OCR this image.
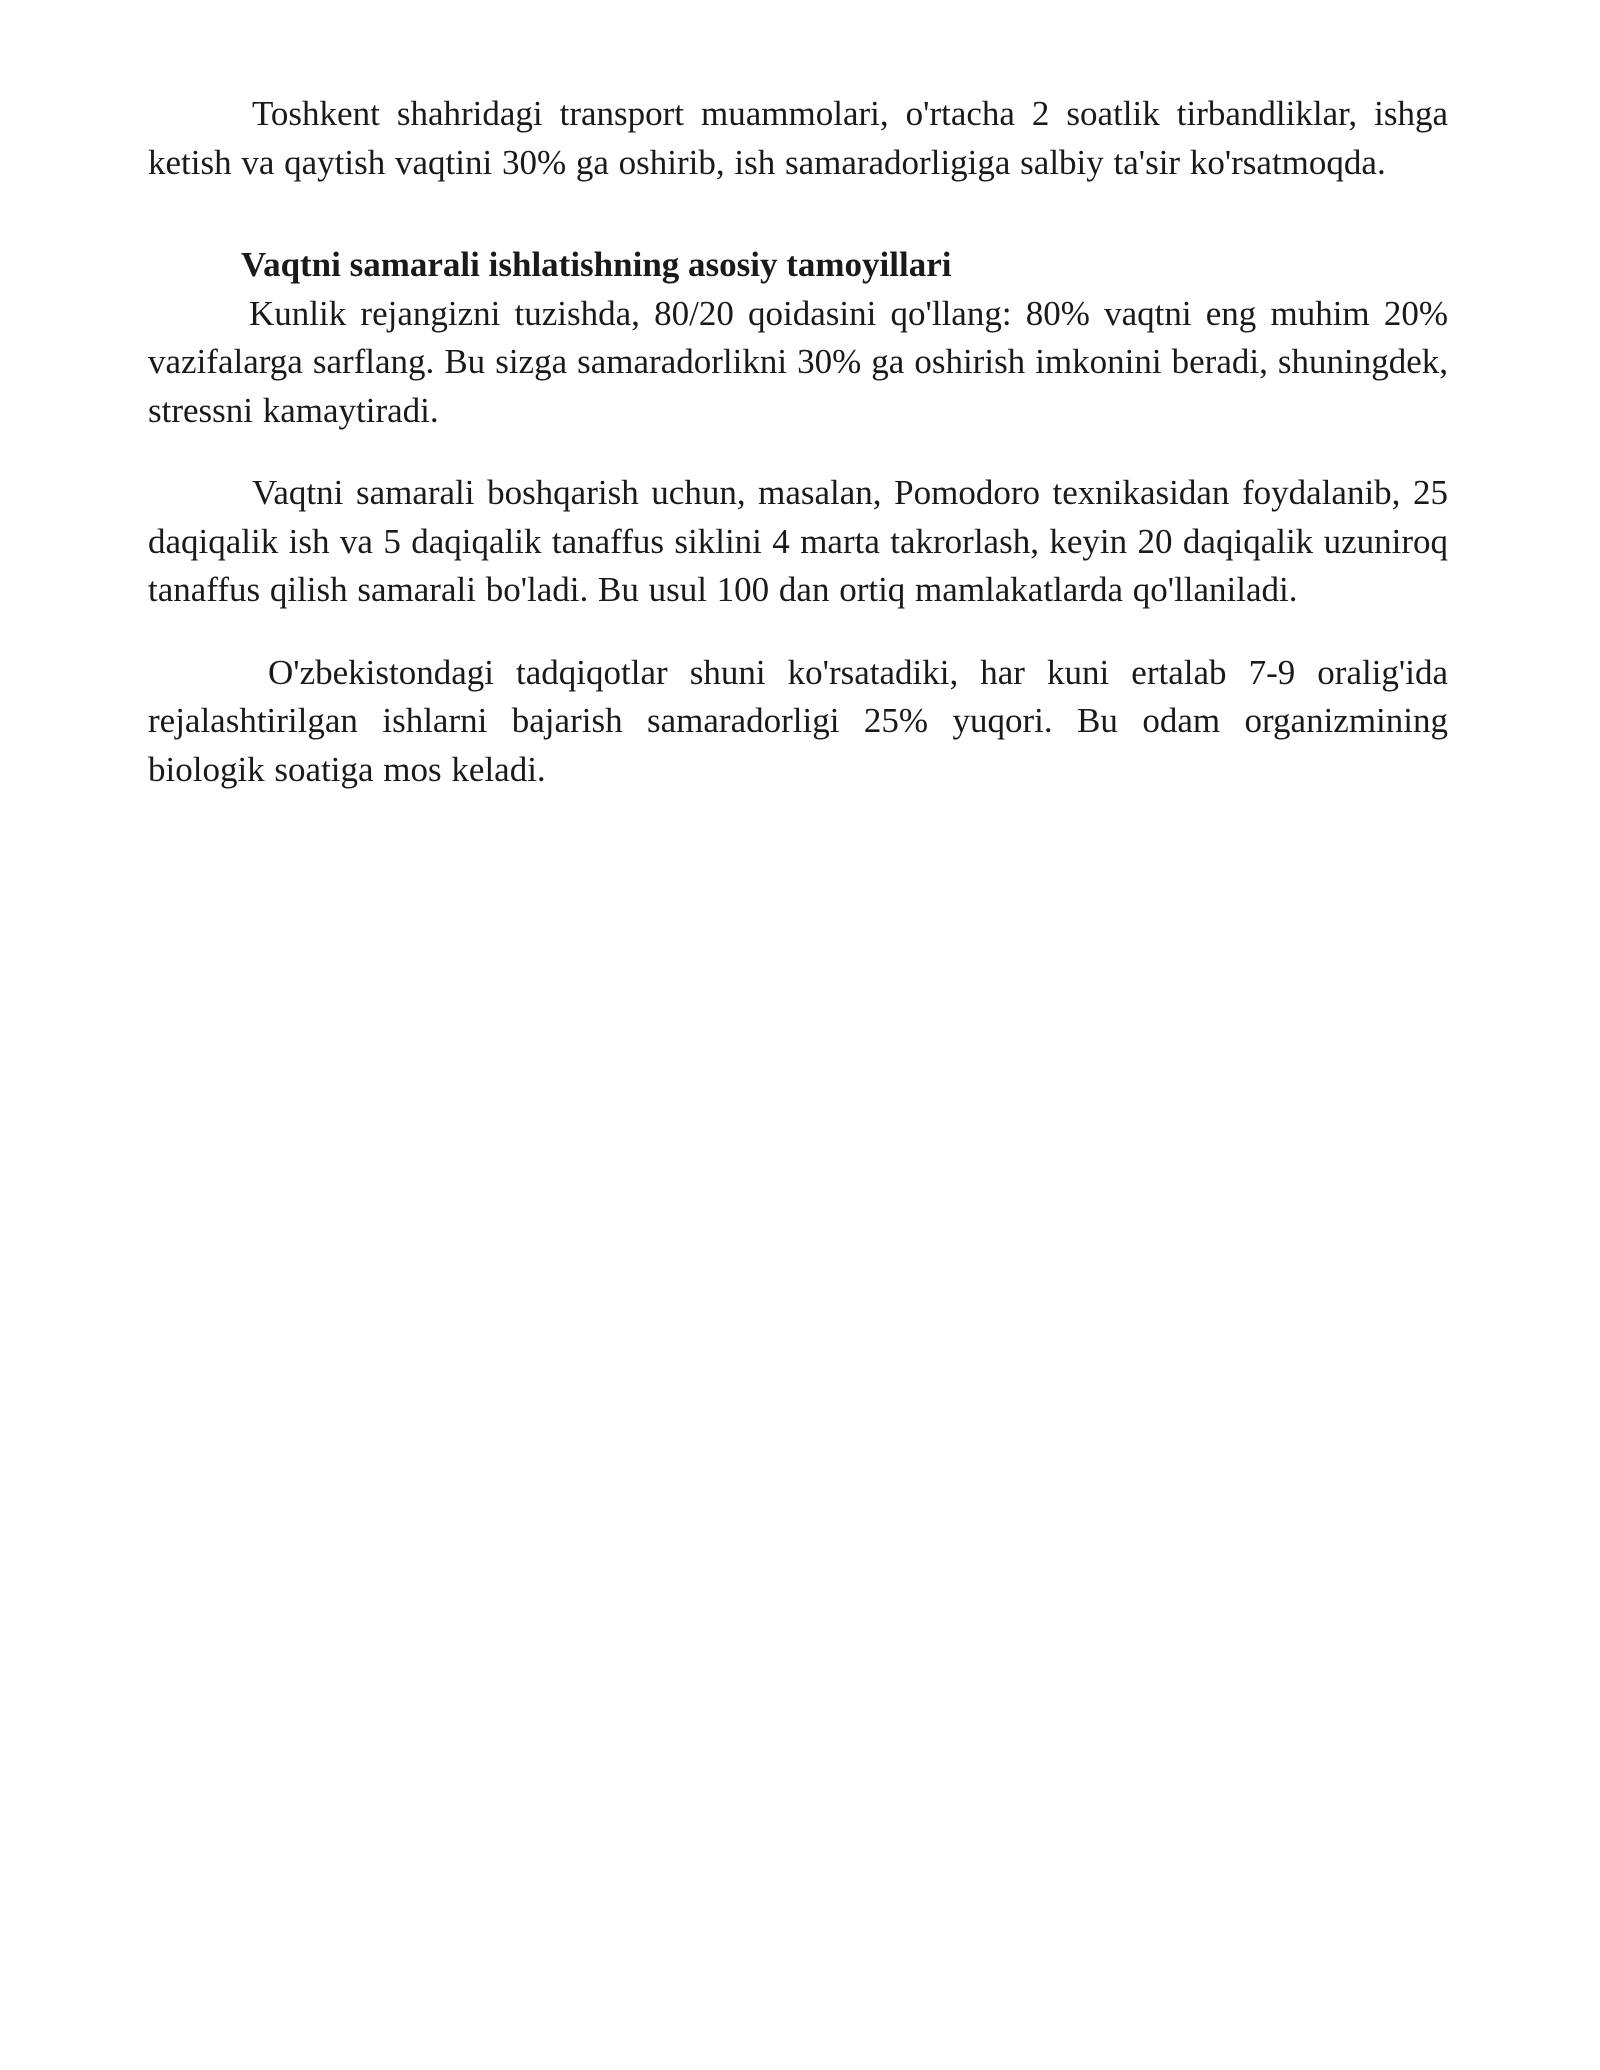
Toshkent shahridagi transport muammolari, o'rtacha 2 soatlik tirbandliklar, ishga ketish va qaytish vaqtini 30% ga oshirib, ish samaradorligiga salbiy ta'sir ko'rsatmoqda.

Vaqtni samarali ishlatishning asosiy tamoyillari

Kunlik rejangizni tuzishda, 80/20 qoidasini qo'llang: 80% vaqtni eng muhim 20% vazifalarga sarflang. Bu sizga samaradorlikni 30% ga oshirish imkonini beradi, shuningdek, stressni kamaytiradi.

Vaqtni samarali boshqarish uchun, masalan, Pomodoro texnikasidan foydalanib, 25 daqiqalik ish va 5 daqiqalik tanaffus siklini 4 marta takrorlash, keyin 20 daqiqalik uzuniroq tanaffus qilish samarali bo'ladi. Bu usul 100 dan ortiq mamlakatlarda qo'llaniladi.

O'zbekistondagi tadqiqotlar shuni ko'rsatadiki, har kuni ertalab 7-9 oralig'ida rejalashtirilgan ishlarni bajarish samaradorligi 25% yuqori. Bu odam organizmining biologik soatiga mos keladi.
